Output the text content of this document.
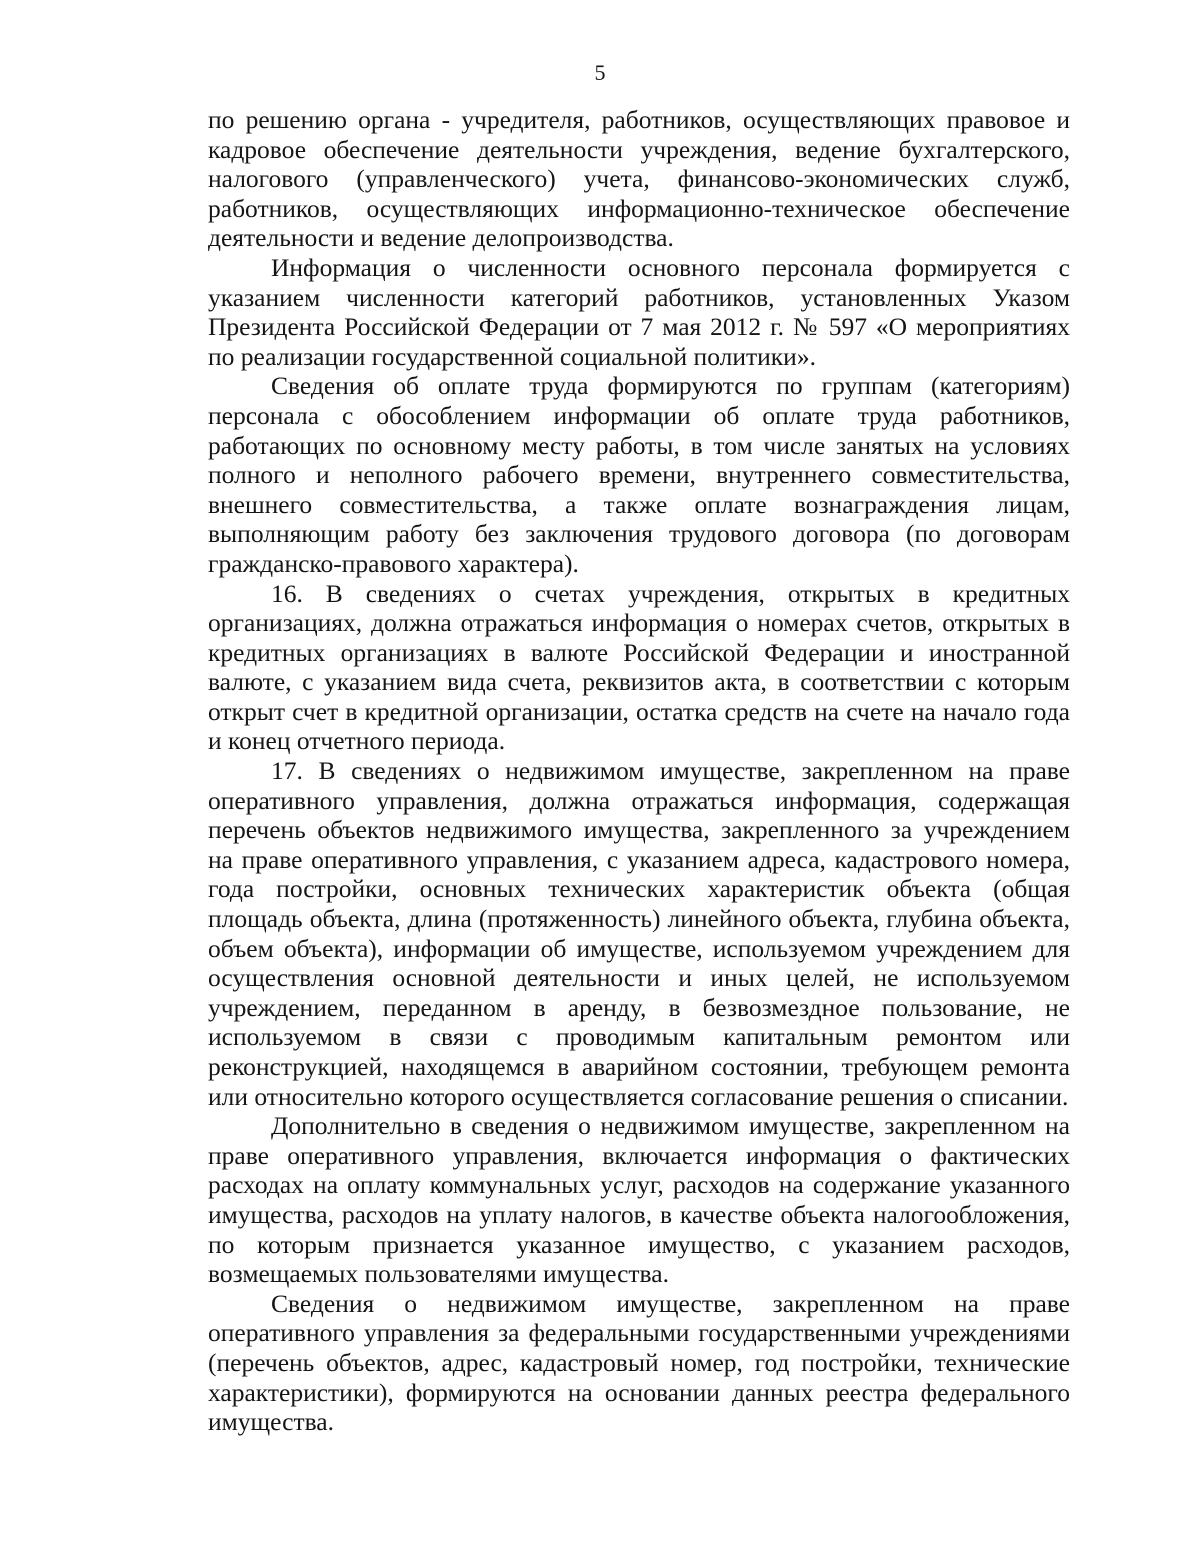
5

по решению органа - учредителя, работников, осуществляющих правовое и кадровое обеспечение деятельности учреждения, ведение бухгалтерского, налогового (управленческого) учета, финансово-экономических служб, работников, осуществляющих информационно-техническое обеспечение деятельности и ведение делопроизводства.

Информация о численности основного персонала формируется с указанием численности категорий работников, установленных Указом Президента Российской Федерации от 7 мая 2012 г. № 597 «О мероприятиях по реализации государственной социальной политики».

Сведения об оплате труда формируются по группам (категориям) персонала с обособлением информации об оплате труда работников, работающих по основному месту работы, в том числе занятых на условиях полного и неполного рабочего времени, внутреннего совместительства, внешнего совместительства, а также оплате вознаграждения лицам, выполняющим работу без заключения трудового договора (по договорам гражданско-правового характера).

16. В сведениях о счетах учреждения, открытых в кредитных организациях, должна отражаться информация о номерах счетов, открытых в кредитных организациях в валюте Российской Федерации и иностранной валюте, с указанием вида счета, реквизитов акта, в соответствии с которым открыт счет в кредитной организации, остатка средств на счете на начало года и конец отчетного периода.

17. В сведениях о недвижимом имуществе, закрепленном на праве оперативного управления, должна отражаться информация, содержащая перечень объектов недвижимого имущества, закрепленного за учреждением на праве оперативного управления, с указанием адреса, кадастрового номера, года постройки, основных технических характеристик объекта (общая площадь объекта, длина (протяженность) линейного объекта, глубина объекта, объем объекта), информации об имуществе, используемом учреждением для осуществления основной деятельности и иных целей, не используемом учреждением, переданном в аренду, в безвозмездное пользование, не используемом в связи с проводимым капитальным ремонтом или реконструкцией, находящемся в аварийном состоянии, требующем ремонта или относительно которого осуществляется согласование решения о списании.

Дополнительно в сведения о недвижимом имуществе, закрепленном на праве оперативного управления, включается информация о фактических расходах на оплату коммунальных услуг, расходов на содержание указанного имущества, расходов на уплату налогов, в качестве объекта налогообложения, по которым признается указанное имущество, с указанием расходов, возмещаемых пользователями имущества.

Сведения о недвижимом имуществе, закрепленном на праве оперативного управления за федеральными государственными учреждениями (перечень объектов, адрес, кадастровый номер, год постройки, технические характеристики), формируются на основании данных реестра федерального имущества.
